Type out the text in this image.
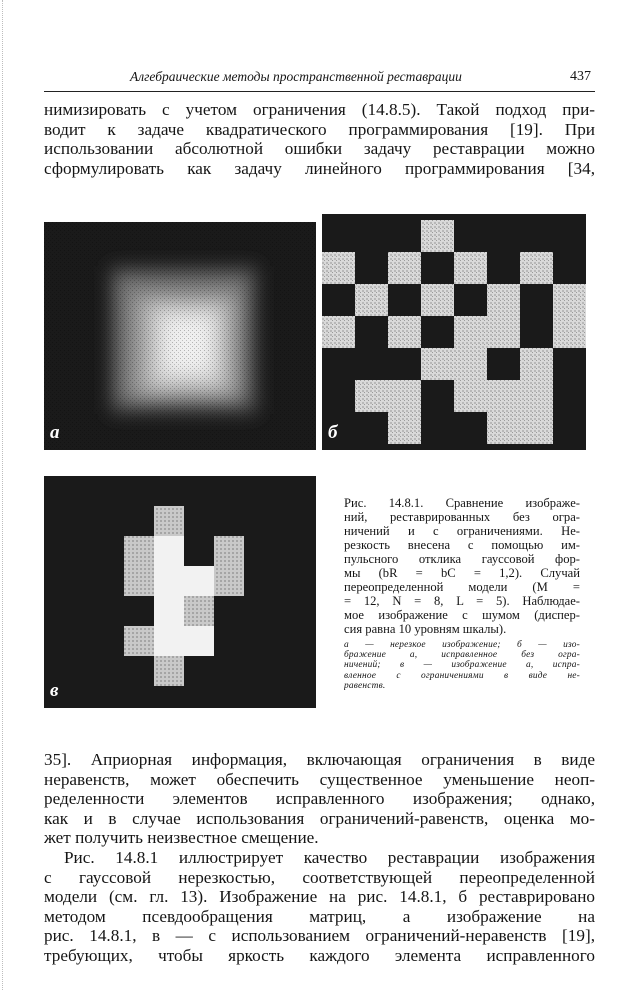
Алгебраические методы пространственной реставрации	437
нимизировать с учетом ограничения (14.8.5). Такой подход при-
водит к задаче квадратического программирования [19]. При
использовании абсолютной ошибки задачу реставрации можно
сформулировать как задачу линейного программирования [34,
а	б
в
Рис. 14.8.1. Сравнение изображе-
ний, реставрированных без огра-
ничений и с ограничениями. Не-
резкость внесена с помощью им-
пульсного отклика гауссовой фор-
мы (bR = bC = 1,2). Случай
переопределенной модели (M =
= 12, N = 8, L = 5). Наблюдае-
мое изображение с шумом (диспер-
сия равна 10 уровням шкалы).
а — нерезкое изображение; б — изо-
бражение а, исправленное без огра-
ничений; в — изображение а, испра-
вленное с ограничениями в виде не-
равенств.
35]. Априорная информация, включающая ограничения в виде
неравенств, может обеспечить существенное уменьшение неоп-
ределенности элементов исправленного изображения; однако,
как и в случае использования ограничений-равенств, оценка мо-
жет получить неизвестное смещение.
Рис. 14.8.1 иллюстрирует качество реставрации изображения
с гауссовой нерезкостью, соответствующей переопределенной
модели (см. гл. 13). Изображение на рис. 14.8.1, б реставрировано
методом псевдообращения матриц, а изображение на
рис. 14.8.1, в — с использованием ограничений-неравенств [19],
требующих, чтобы яркость каждого элемента исправленного
